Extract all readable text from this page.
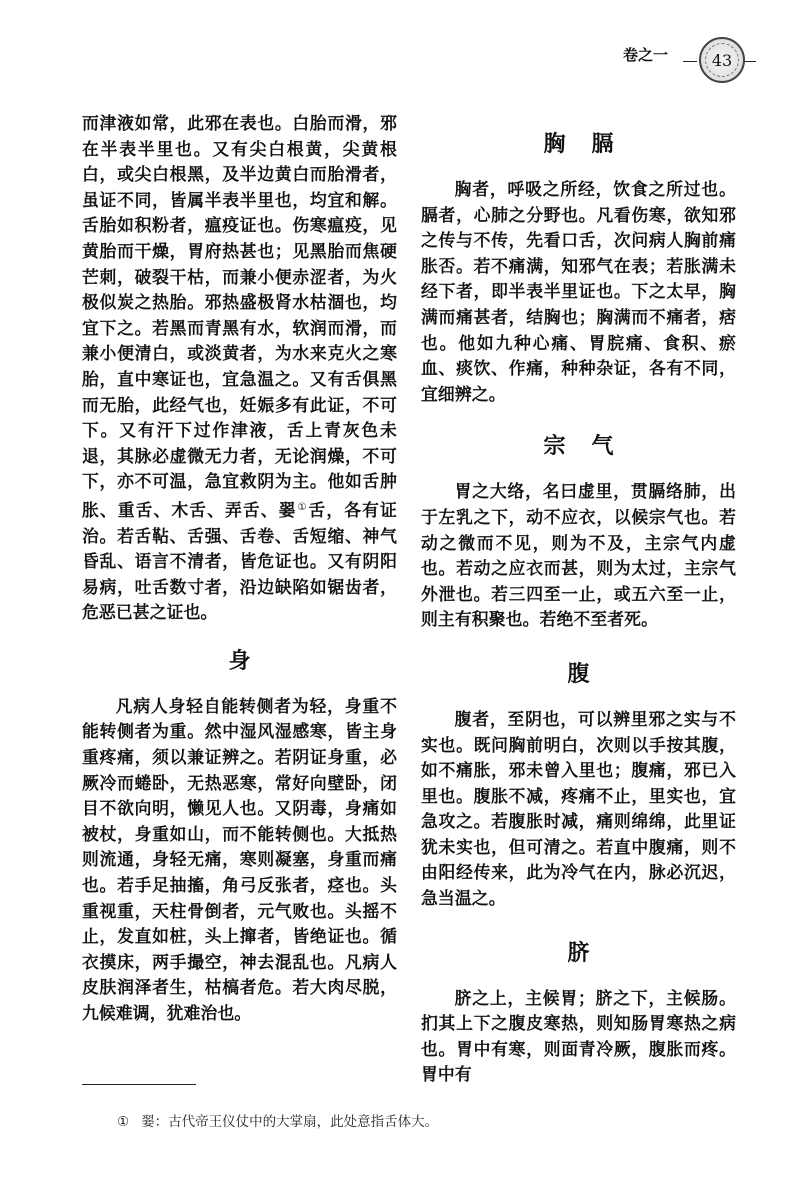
卷之一	43

而津液如常，此邪在表也。白胎而滑，邪在半表半里也。又有尖白根黄，尖黄根白，或尖白根黑，及半边黄白而胎滑者，虽证不同，皆属半表半里也，均宜和解。舌胎如积粉者，瘟疫证也。伤寒瘟疫，见黄胎而干燥，胃府热甚也；见黑胎而焦硬芒刺，破裂干枯，而兼小便赤涩者，为火极似炭之热胎。邪热盛极肾水枯涸也，均宜下之。若黑而青黑有水，软润而滑，而兼小便清白，或淡黄者，为水来克火之寒胎，直中寒证也，宜急温之。又有舌俱黑而无胎，此经气也，妊娠多有此证，不可下。又有汗下过作津液，舌上青灰色未退，其脉必虚微无力者，无论润燥，不可下，亦不可温，急宜救阴为主。他如舌肿胀、重舌、木舌、弄舌、翣①舌，各有证治。若舌䩞、舌强、舌卷、舌短缩、神气昏乱、语言不清者，皆危证也。又有阴阳易病，吐舌数寸者，沿边缺陷如锯齿者，危恶已甚之证也。

身

凡病人身轻自能转侧者为轻，身重不能转侧者为重。然中湿风湿感寒，皆主身重疼痛，须以兼证辨之。若阴证身重，必厥冷而蜷卧，无热恶寒，常好向壁卧，闭目不欲向明，懒见人也。又阴毒，身痛如被杖，身重如山，而不能转侧也。大抵热则流通，身轻无痛，寒则凝塞，身重而痛也。若手足抽搐，角弓反张者，痉也。头重视重，天柱骨倒者，元气败也。头摇不止，发直如桩，头上撺者，皆绝证也。循衣摸床，两手撮空，神去混乱也。凡病人皮肤润泽者生，枯槁者危。若大肉尽脱，九候难调，犹难治也。

胸膈

胸者，呼吸之所经，饮食之所过也。膈者，心肺之分野也。凡看伤寒，欲知邪之传与不传，先看口舌，次问病人胸前痛胀否。若不痛满，知邪气在表；若胀满未经下者，即半表半里证也。下之太早，胸满而痛甚者，结胸也；胸满而不痛者，痞也。他如九种心痛、胃脘痛、食积、瘀血、痰饮、作痛，种种杂证，各有不同，宜细辨之。

宗气

胃之大络，名曰虚里，贯膈络肺，出于左乳之下，动不应衣，以候宗气也。若动之微而不见，则为不及，主宗气内虚也。若动之应衣而甚，则为太过，主宗气外泄也。若三四至一止，或五六至一止，则主有积聚也。若绝不至者死。

腹

腹者，至阴也，可以辨里邪之实与不实也。既问胸前明白，次则以手按其腹，如不痛胀，邪未曾入里也；腹痛，邪已入里也。腹胀不减，疼痛不止，里实也，宜急攻之。若腹胀时减，痛则绵绵，此里证犹未实也，但可清之。若直中腹痛，则不由阳经传来，此为冷气在内，脉必沉迟，急当温之。

脐

脐之上，主候胃；脐之下，主候肠。扪其上下之腹皮寒热，则知肠胃寒热之病也。胃中有寒，则面青冷厥，腹胀而疼。胃中有

① 翣：古代帝王仪仗中的大掌扇，此处意指舌体大。
